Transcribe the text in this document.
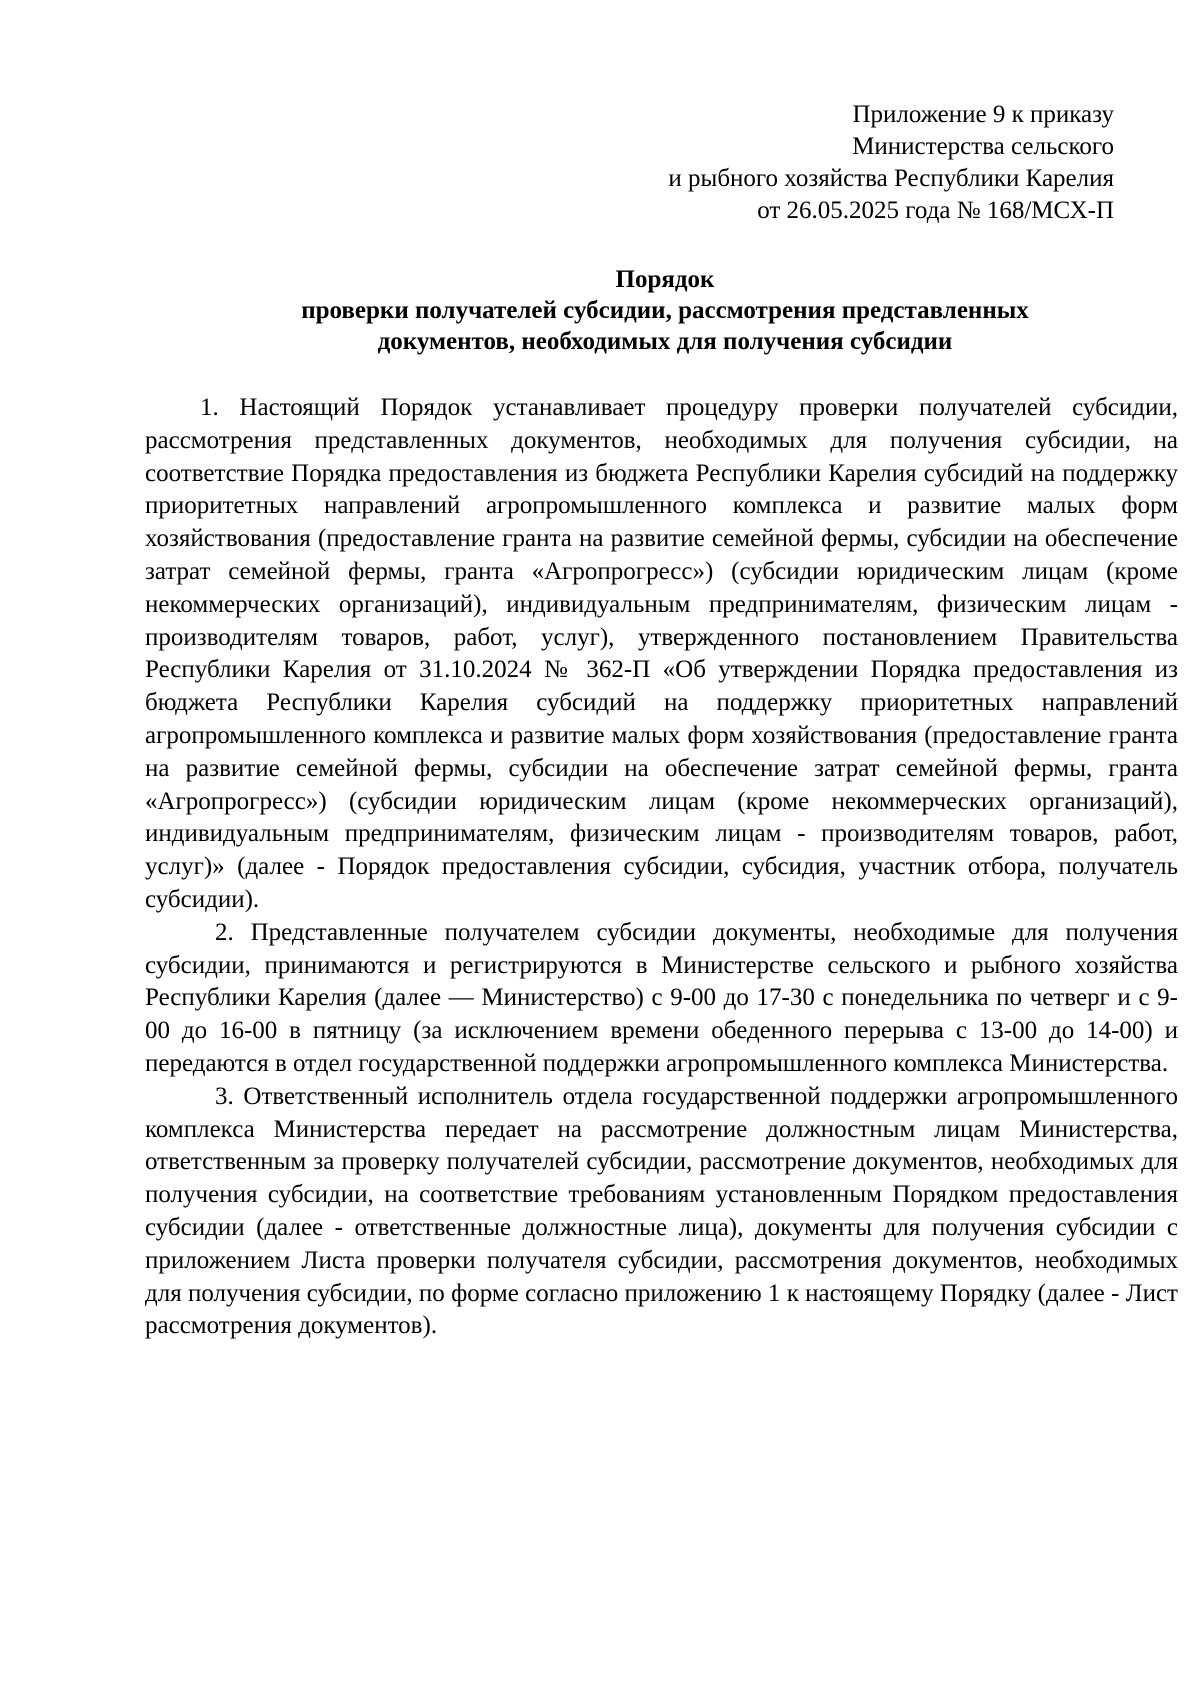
Приложение 9 к приказу
Министерства сельского
и рыбного хозяйства Республики Карелия
от 26.05.2025 года № 168/МСХ-П
Порядок
проверки получателей субсидии, рассмотрения представленных
документов, необходимых для получения субсидии

1. Настоящий Порядок устанавливает процедуру проверки получателей субсидии, рассмотрения представленных документов, необходимых для получения субсидии, на соответствие Порядка предоставления из бюджета Республики Карелия субсидий на поддержку приоритетных направлений агропромышленного комплекса и развитие малых форм хозяйствования (предоставление гранта на развитие семейной фермы, субсидии на обеспечение затрат семейной фермы, гранта «Агропрогресс») (субсидии юридическим лицам (кроме некоммерческих организаций), индивидуальным предпринимателям, физическим лицам - производителям товаров, работ, услуг), утвержденного постановлением Правительства Республики Карелия от 31.10.2024 № 362-П «Об утверждении Порядка предоставления из бюджета Республики Карелия субсидий на поддержку приоритетных направлений агропромышленного комплекса и развитие малых форм хозяйствования (предоставление гранта на развитие семейной фермы, субсидии на обеспечение затрат семейной фермы, гранта «Агропрогресс») (субсидии юридическим лицам (кроме некоммерческих организаций), индивидуальным предпринимателям, физическим лицам - производителям товаров, работ, услуг)» (далее - Порядок предоставления субсидии, субсидия, участник отбора, получатель субсидии).

2. Представленные получателем субсидии документы, необходимые для получения субсидии, принимаются и регистрируются в Министерстве сельского и рыбного хозяйства Республики Карелия (далее — Министерство) с 9-00 до 17-30 с понедельника по четверг и с 9-00 до 16-00 в пятницу (за исключением времени обеденного перерыва с 13-00 до 14-00) и передаются в отдел государственной поддержки агропромышленного комплекса Министерства.

3. Ответственный исполнитель отдела государственной поддержки агропромышленного комплекса Министерства передает на рассмотрение должностным лицам Министерства, ответственным за проверку получателей субсидии, рассмотрение документов, необходимых для получения субсидии, на соответствие требованиям установленным Порядком предоставления субсидии (далее - ответственные должностные лица), документы для получения субсидии с приложением Листа проверки получателя субсидии, рассмотрения документов, необходимых для получения субсидии, по форме согласно приложению 1 к настоящему Порядку (далее - Лист рассмотрения документов).
